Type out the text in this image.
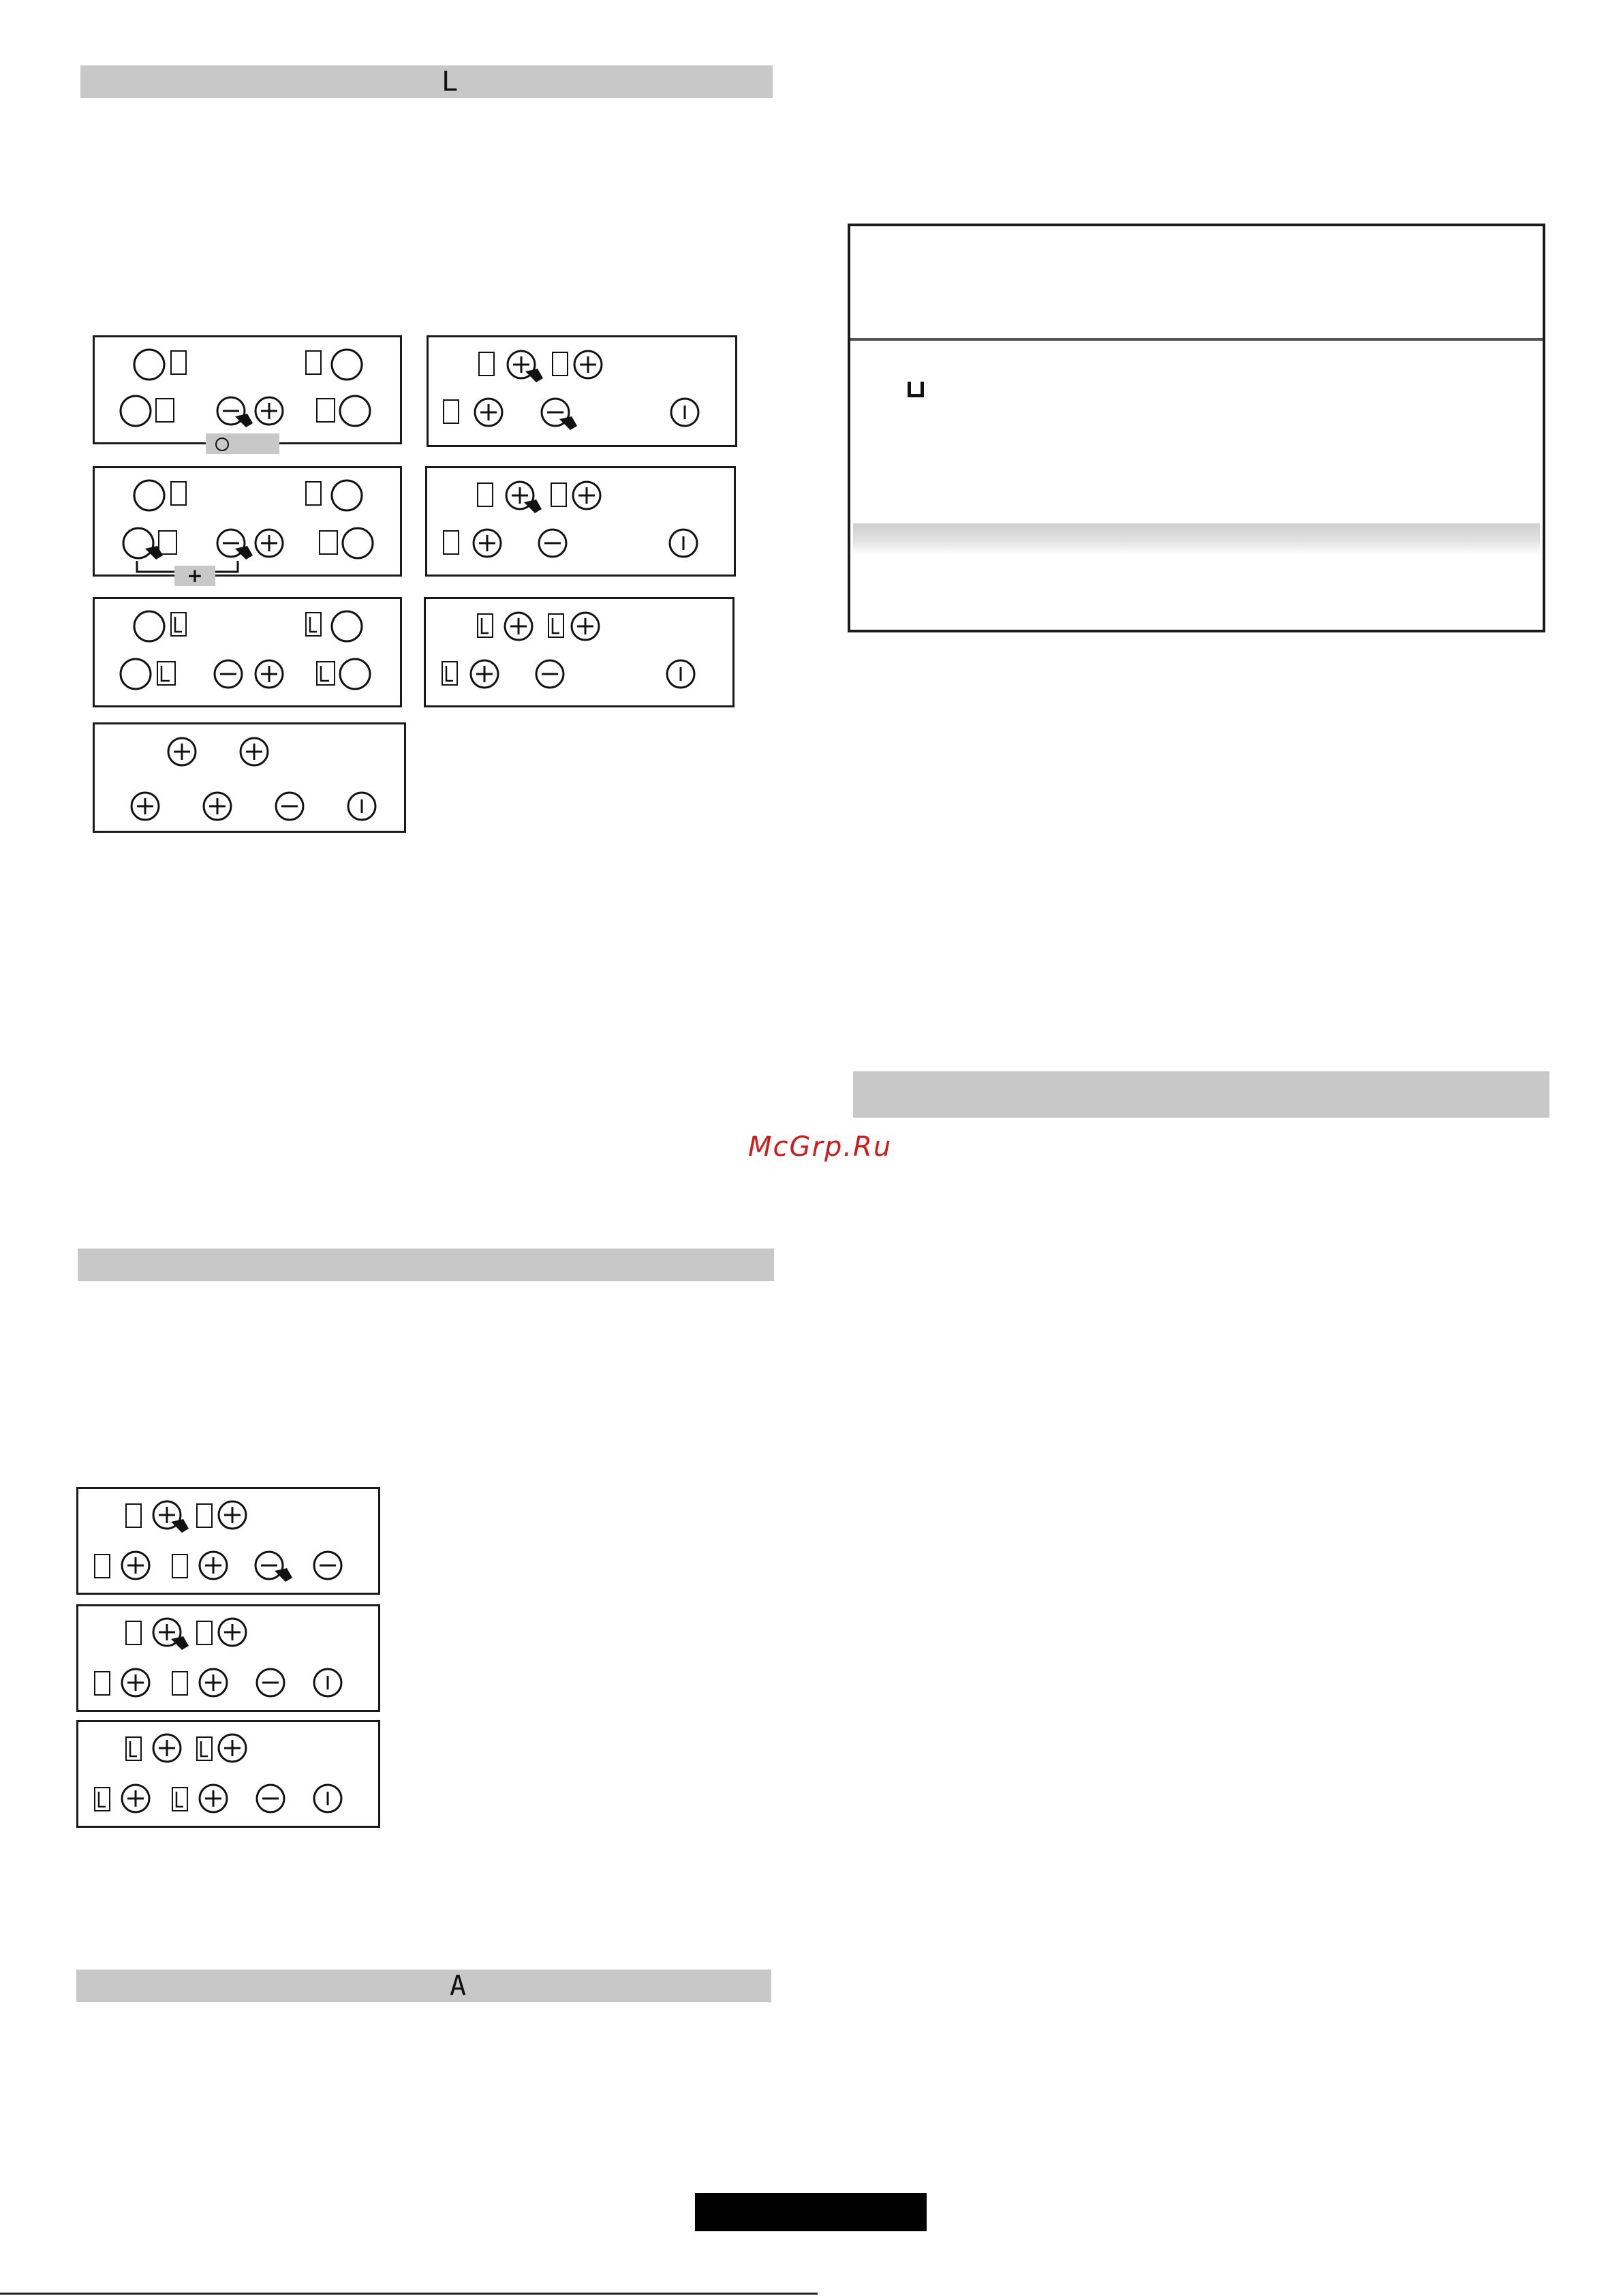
L
+
McGrp.Ru
A
